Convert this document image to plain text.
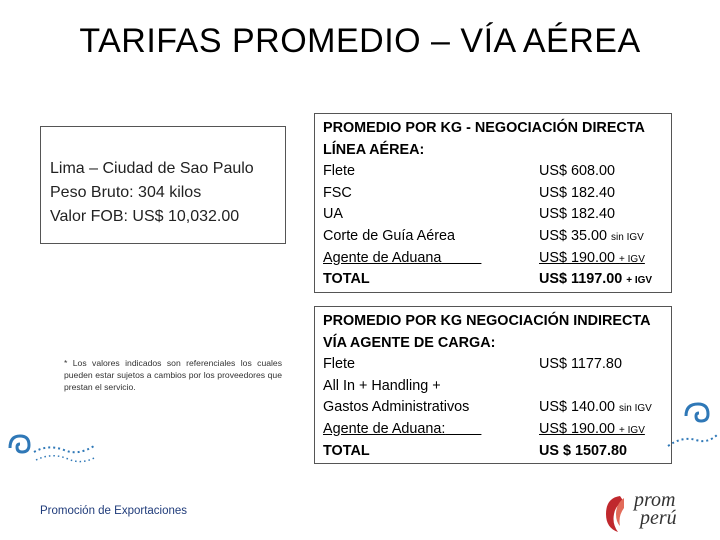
TARIFAS PROMEDIO – VÍA AÉREA
Lima – Ciudad de Sao Paulo
Peso Bruto: 304 kilos
Valor FOB: US$ 10,032.00
* Los valores indicados son referenciales los cuales pueden estar sujetos a cambios por los proveedores que prestan el servicio.
PROMEDIO POR KG - NEGOCIACIÓN DIRECTA
LÍNEA AÉREA:
Flete	US$ 608.00
FSC	US$ 182.40
UA	US$ 182.40
Corte de Guía Aérea	US$ 35.00 sin IGV
Agente de Aduana	US$ 190.00 + IGV
TOTAL	US$ 1197.00 + IGV
PROMEDIO POR KG NEGOCIACIÓN INDIRECTA
VÍA AGENTE DE CARGA:
Flete	US$ 1177.80
All In + Handling +
Gastos Administrativos	US$ 140.00 sin IGV
Agente de Aduana:	US$ 190.00 + IGV
TOTAL	US $ 1507.80
Promoción de Exportaciones	prom
perú
